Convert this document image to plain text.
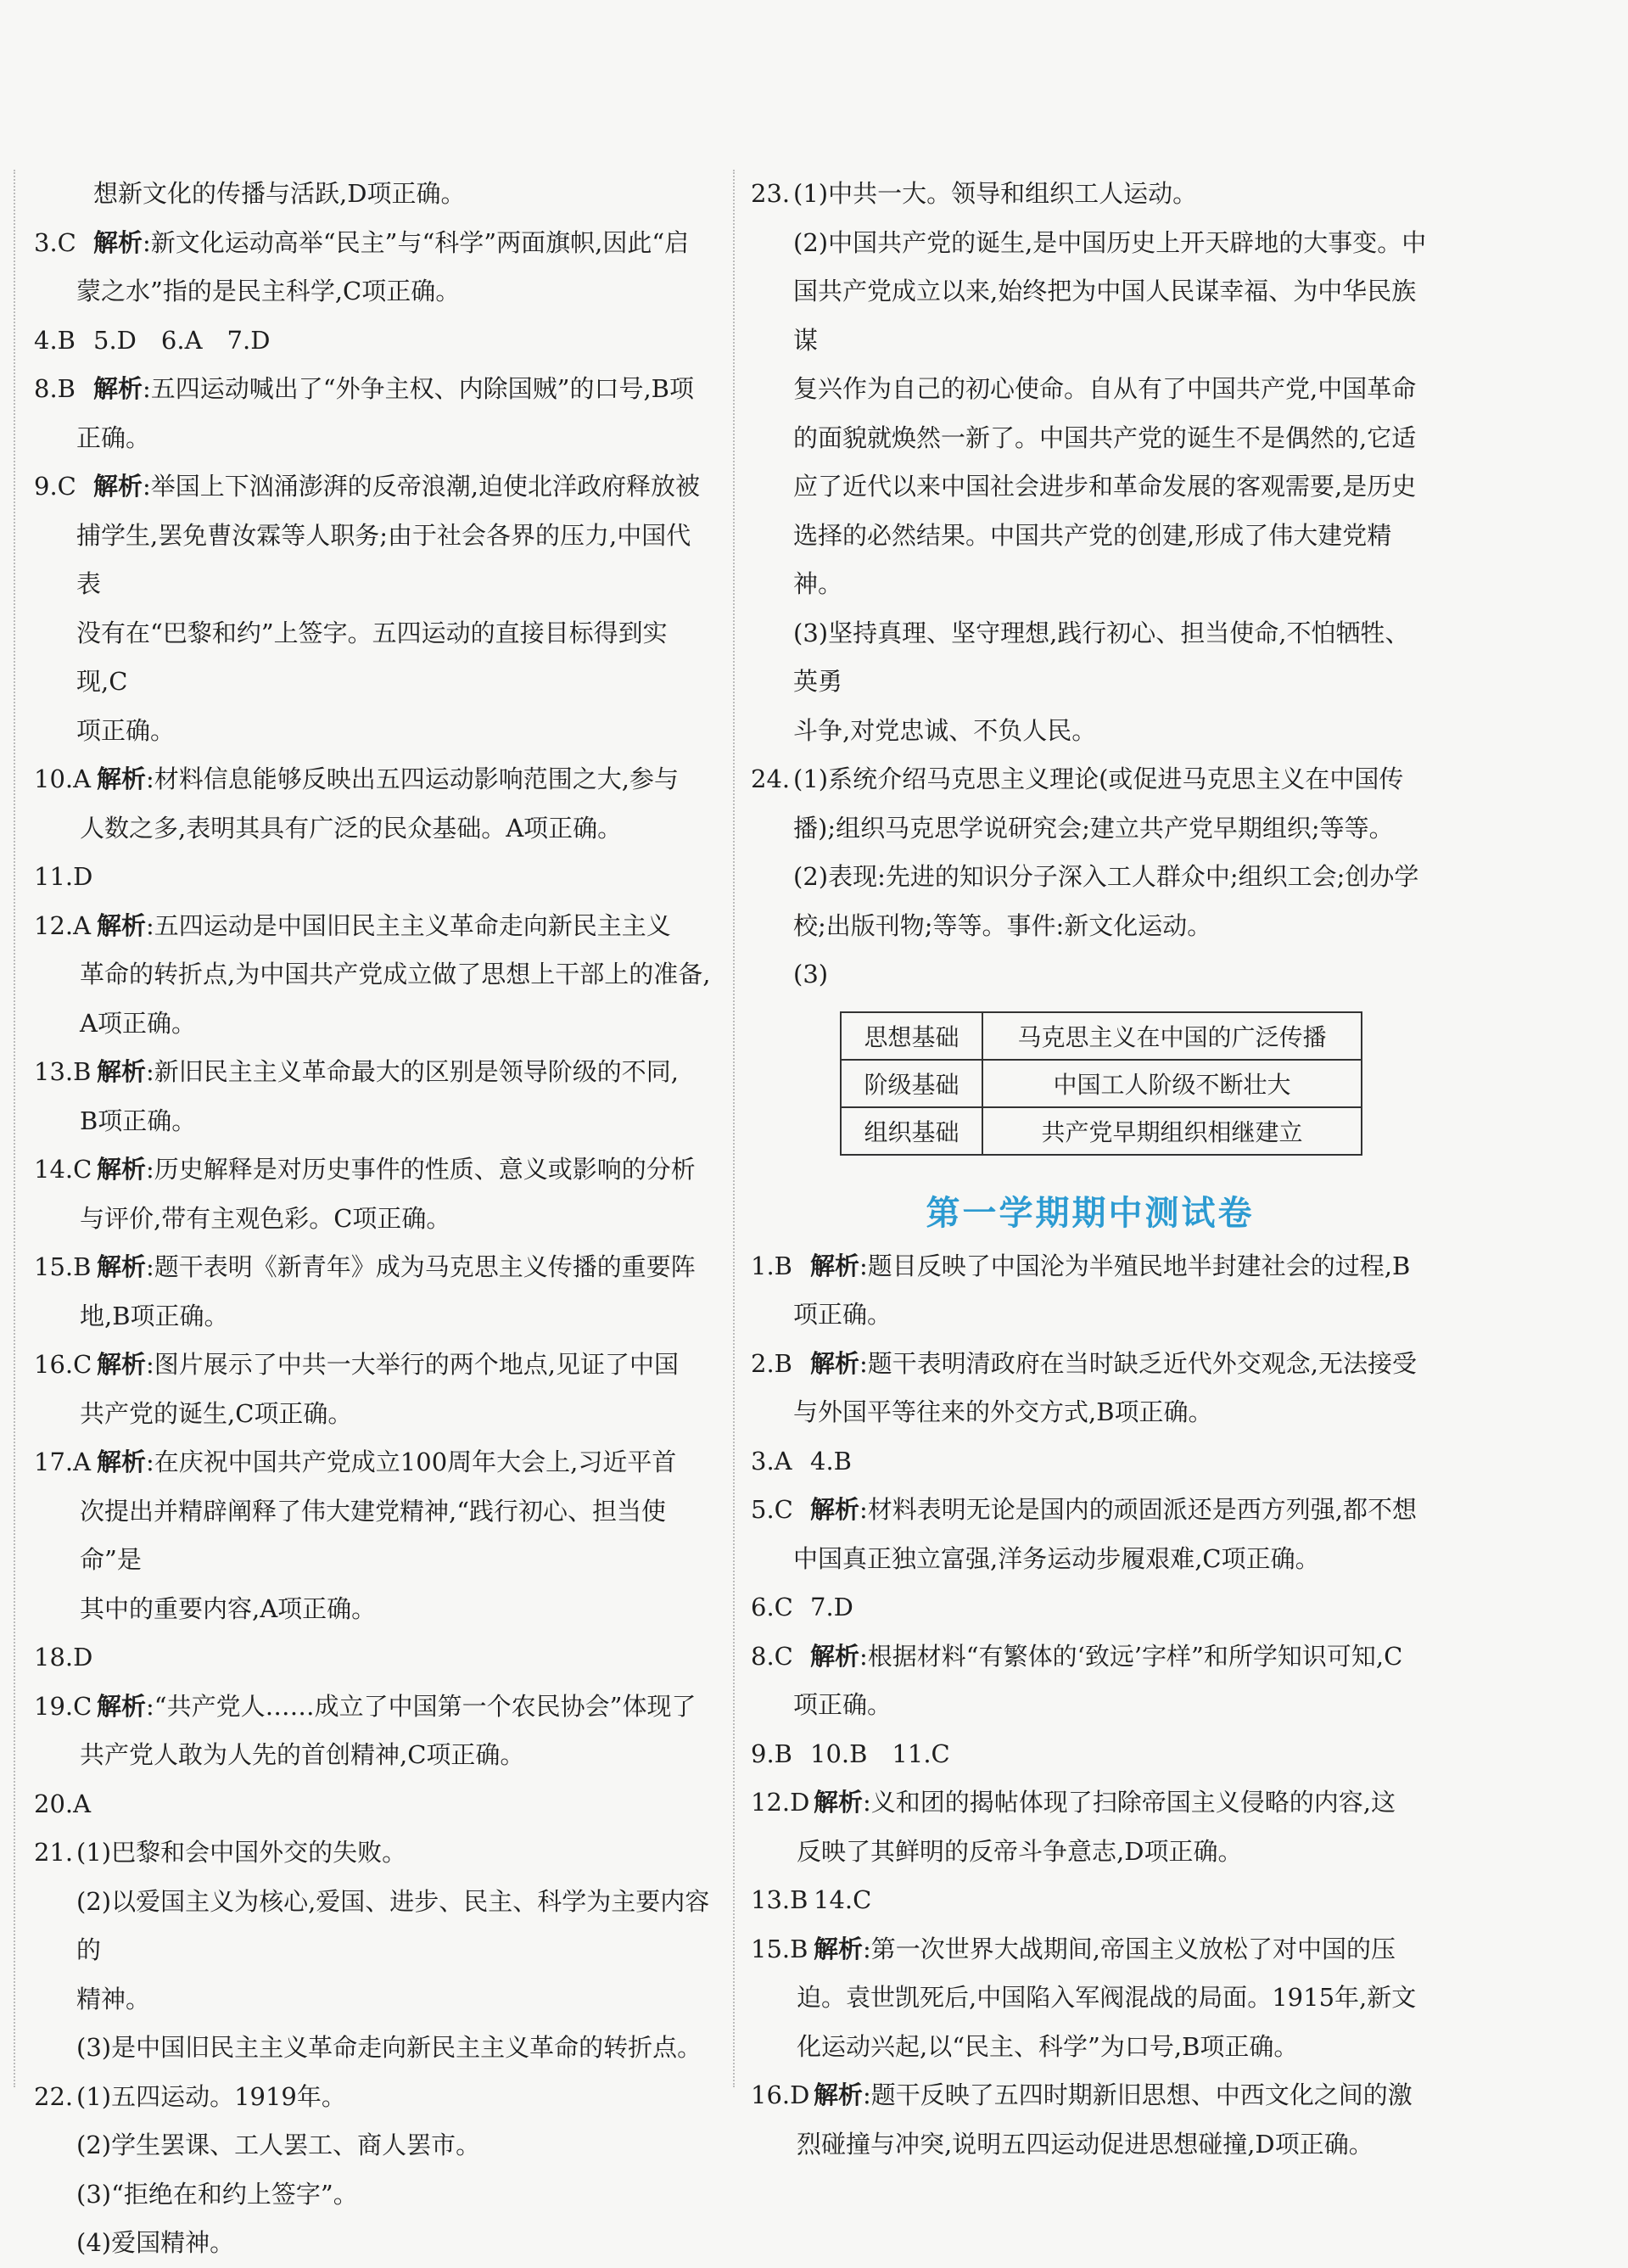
想新文化的传播与活跃,D项正确。
3.C 解析:新文化运动高举“民主”与“科学”两面旗帜,因此“启
蒙之水”指的是民主科学,C项正确。
4.B 5.D　6.A　7.D
8.B 解析:五四运动喊出了“外争主权、内除国贼”的口号,B项
正确。
9.C 解析:举国上下汹涌澎湃的反帝浪潮,迫使北洋政府释放被
捕学生,罢免曹汝霖等人职务;由于社会各界的压力,中国代表
没有在“巴黎和约”上签字。五四运动的直接目标得到实现,C
项正确。
10.A 解析:材料信息能够反映出五四运动影响范围之大,参与
人数之多,表明其具有广泛的民众基础。A项正确。
11.D
12.A 解析:五四运动是中国旧民主主义革命走向新民主主义
革命的转折点,为中国共产党成立做了思想上干部上的准备,
A项正确。
13.B 解析:新旧民主主义革命最大的区别是领导阶级的不同,
B项正确。
14.C 解析:历史解释是对历史事件的性质、意义或影响的分析
与评价,带有主观色彩。C项正确。
15.B 解析:题干表明《新青年》成为马克思主义传播的重要阵
地,B项正确。
16.C 解析:图片展示了中共一大举行的两个地点,见证了中国
共产党的诞生,C项正确。
17.A 解析:在庆祝中国共产党成立100周年大会上,习近平首
次提出并精辟阐释了伟大建党精神,“践行初心、担当使命”是
其中的重要内容,A项正确。
18.D
19.C 解析:“共产党人……成立了中国第一个农民协会”体现了
共产党人敢为人先的首创精神,C项正确。
20.A
21. (1)巴黎和会中国外交的失败。
(2)以爱国主义为核心,爱国、进步、民主、科学为主要内容的
精神。
(3)是中国旧民主主义革命走向新民主主义革命的转折点。
22. (1)五四运动。1919年。
(2)学生罢课、工人罢工、商人罢市。
(3)“拒绝在和约上签字”。
(4)爱国精神。
23. (1)中共一大。领导和组织工人运动。
(2)中国共产党的诞生,是中国历史上开天辟地的大事变。中
国共产党成立以来,始终把为中国人民谋幸福、为中华民族谋
复兴作为自己的初心使命。自从有了中国共产党,中国革命
的面貌就焕然一新了。中国共产党的诞生不是偶然的,它适
应了近代以来中国社会进步和革命发展的客观需要,是历史
选择的必然结果。中国共产党的创建,形成了伟大建党精神。
(3)坚持真理、坚守理想,践行初心、担当使命,不怕牺牲、英勇
斗争,对党忠诚、不负人民。
24. (1)系统介绍马克思主义理论(或促进马克思主义在中国传
播);组织马克思学说研究会;建立共产党早期组织;等等。
(2)表现:先进的知识分子深入工人群众中;组织工会;创办学
校;出版刊物;等等。事件:新文化运动。
(3)
思想基础	马克思主义在中国的广泛传播
阶级基础	中国工人阶级不断壮大
组织基础	共产党早期组织相继建立
第一学期期中测试卷
1.B 解析:题目反映了中国沦为半殖民地半封建社会的过程,B
项正确。
2.B 解析:题干表明清政府在当时缺乏近代外交观念,无法接受
与外国平等往来的外交方式,B项正确。
3.A 4.B
5.C 解析:材料表明无论是国内的顽固派还是西方列强,都不想
中国真正独立富强,洋务运动步履艰难,C项正确。
6.C 7.D
8.C 解析:根据材料“有繁体的‘致远’字样”和所学知识可知,C
项正确。
9.B 10.B　11.C
12.D 解析:义和团的揭帖体现了扫除帝国主义侵略的内容,这
反映了其鲜明的反帝斗争意志,D项正确。
13.B 14.C
15.B 解析:第一次世界大战期间,帝国主义放松了对中国的压
迫。袁世凯死后,中国陷入军阀混战的局面。1915年,新文
化运动兴起,以“民主、科学”为口号,B项正确。
16.D 解析:题干反映了五四时期新旧思想、中西文化之间的激
烈碰撞与冲突,说明五四运动促进思想碰撞,D项正确。
